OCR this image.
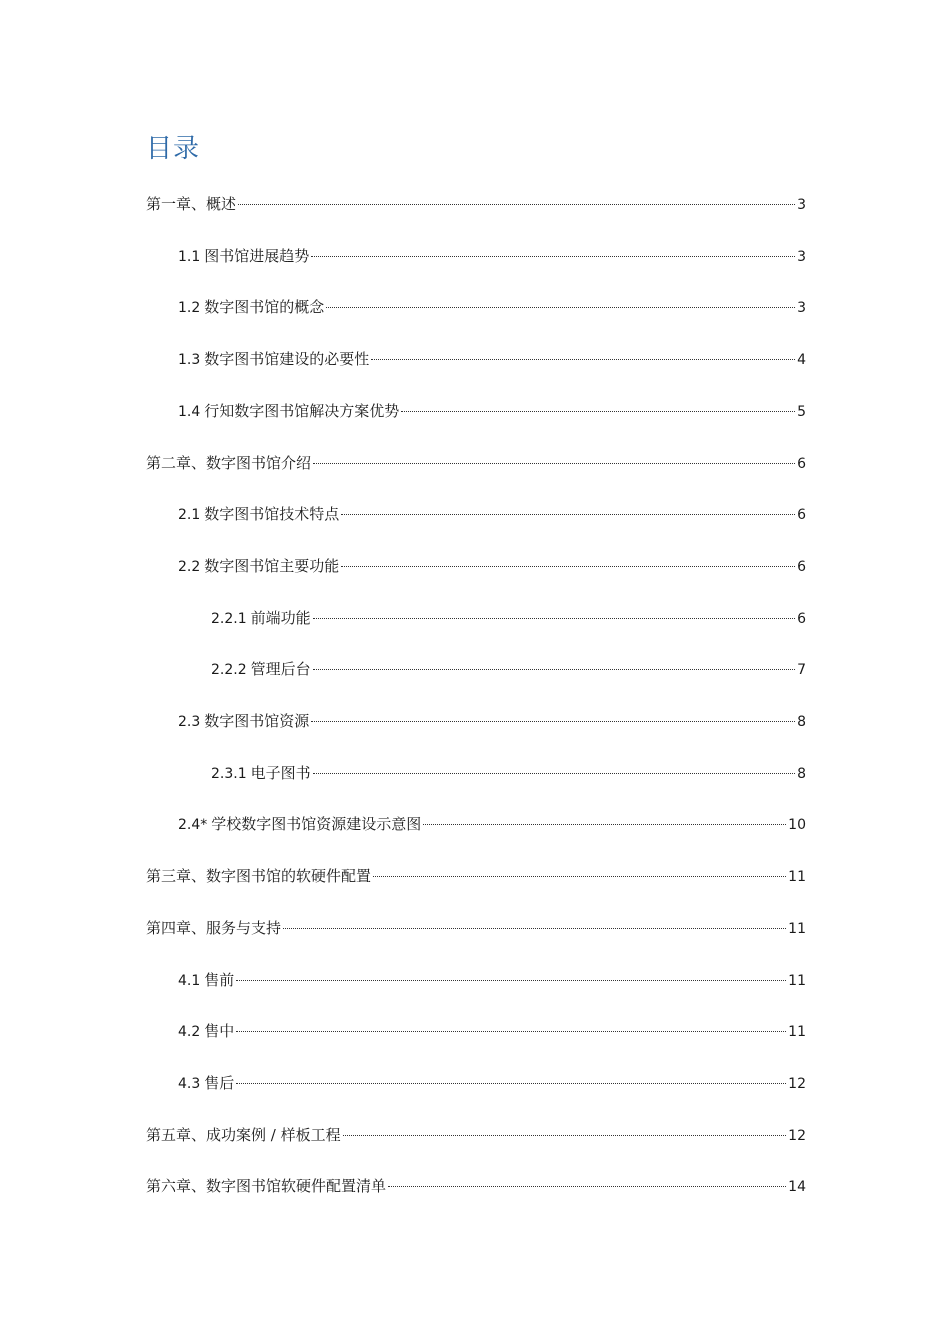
目录
第一章、概述	3
1.1 图书馆进展趋势	3
1.2 数字图书馆的概念	3
1.3 数字图书馆建设的必要性	4
1.4 行知数字图书馆解决方案优势	5
第二章、数字图书馆介绍	6
2.1 数字图书馆技术特点	6
2.2 数字图书馆主要功能	6
2.2.1 前端功能	6
2.2.2 管理后台	7
2.3 数字图书馆资源	8
2.3.1 电子图书	8
2.4* 学校数字图书馆资源建设示意图	10
第三章、数字图书馆的软硬件配置	11
第四章、服务与支持	11
4.1 售前	11
4.2 售中	11
4.3 售后	12
第五章、成功案例 / 样板工程	12
第六章、数字图书馆软硬件配置清单	14
